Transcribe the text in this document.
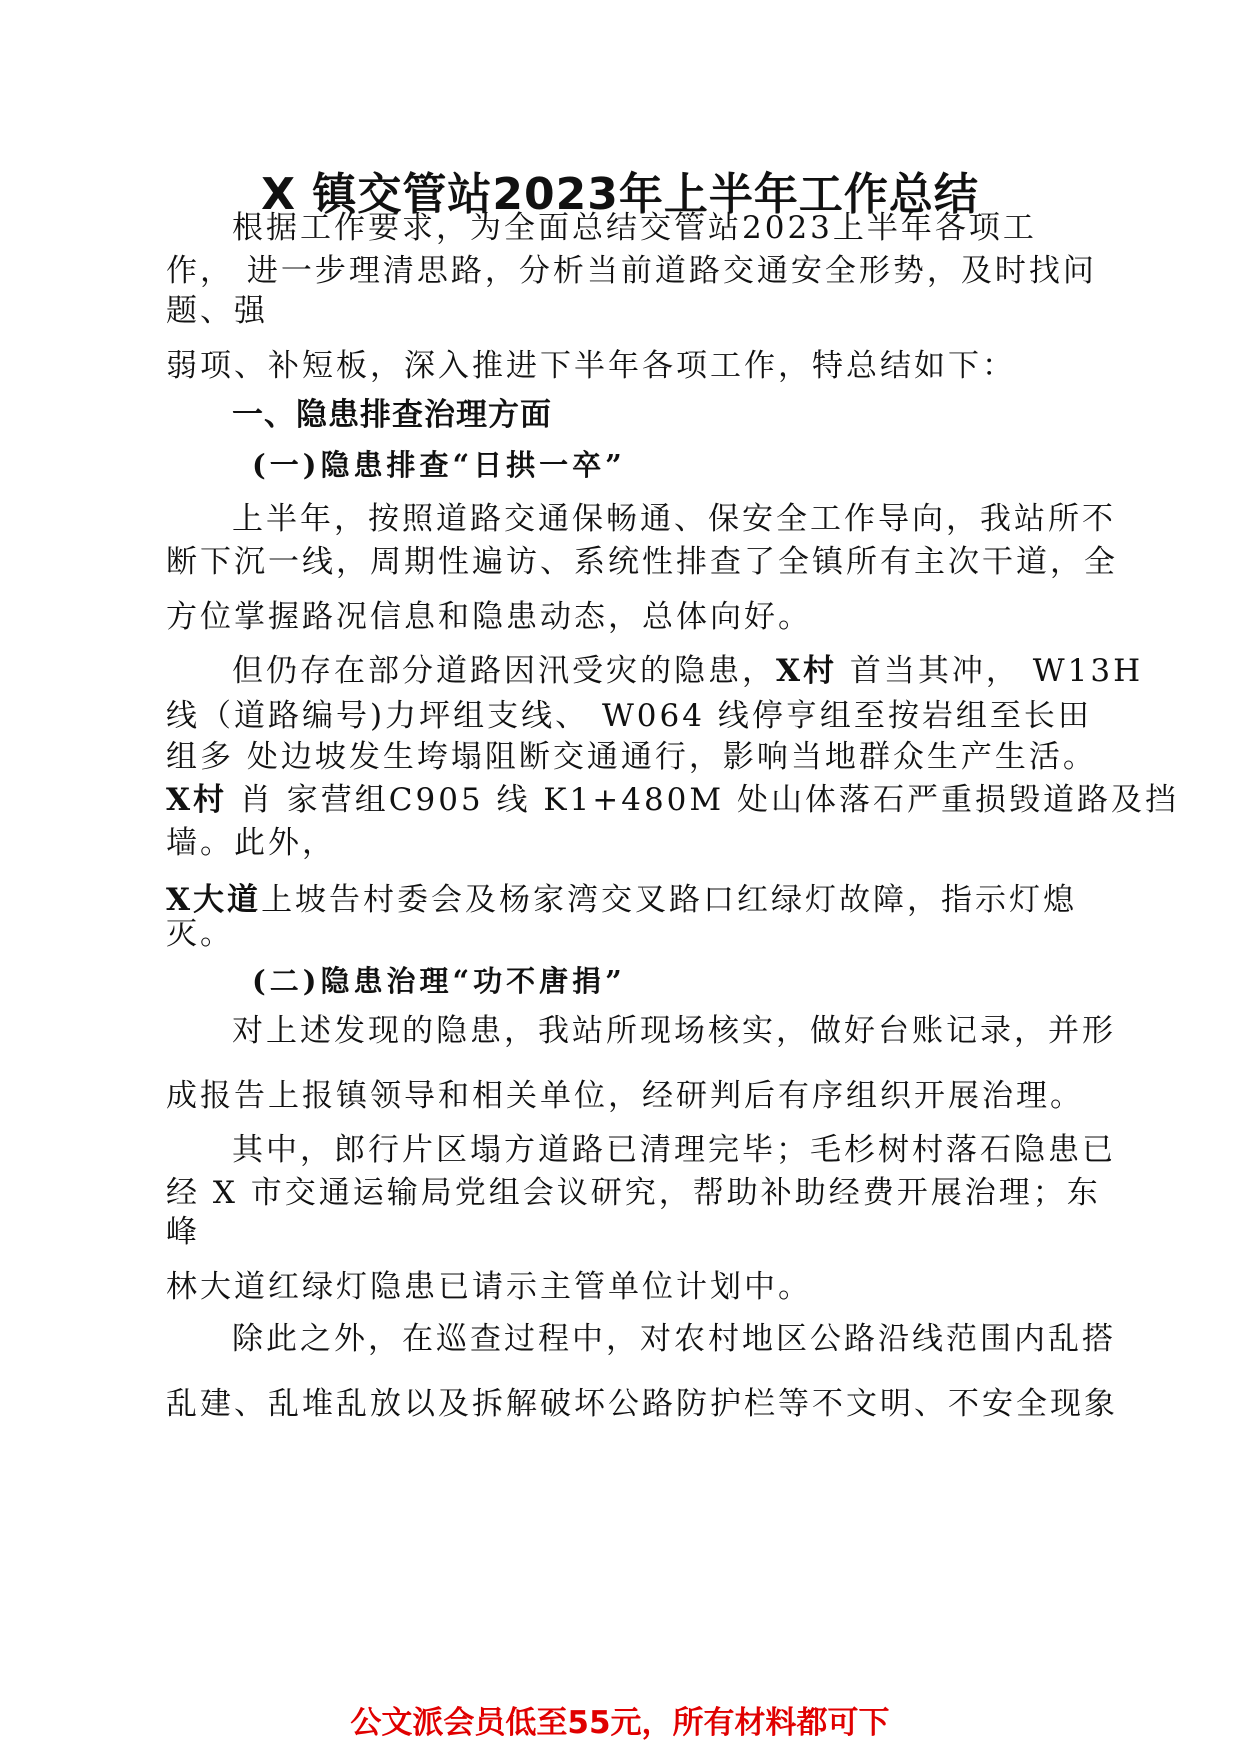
X 镇交管站2023年上半年工作总结
根据工作要求，为全面总结交管站2023上半年各项工
作， 进一步理清思路，分析当前道路交通安全形势，及时找问
题、强
弱项、补短板，深入推进下半年各项工作，特总结如下：
一、隐患排查治理方面
(一)隐患排查“日拱一卒”
上半年，按照道路交通保畅通、保安全工作导向，我站所不
断下沉一线，周期性遍访、系统性排查了全镇所有主次干道，全
方位掌握路况信息和隐患动态，总体向好。
但仍存在部分道路因汛受灾的隐患，X村 首当其冲， W13H
线（道路编号)力坪组支线、 W064 线停亨组至按岩组至长田
组多 处边坡发生垮塌阻断交通通行，影响当地群众生产生活。
X村 肖 家营组C905 线 K1+480M 处山体落石严重损毁道路及挡
墙。此外，
X大道上坡告村委会及杨家湾交叉路口红绿灯故障，指示灯熄
灭。
(二)隐患治理“功不唐捐”
对上述发现的隐患，我站所现场核实，做好台账记录，并形
成报告上报镇领导和相关单位，经研判后有序组织开展治理。
其中，郎行片区塌方道路已清理完毕；毛杉树村落石隐患已
经 X 市交通运输局党组会议研究，帮助补助经费开展治理；东
峰
林大道红绿灯隐患已请示主管单位计划中。
除此之外，在巡查过程中，对农村地区公路沿线范围内乱搭
乱建、乱堆乱放以及拆解破坏公路防护栏等不文明、不安全现象
公文派会员低至55元，所有材料都可下
